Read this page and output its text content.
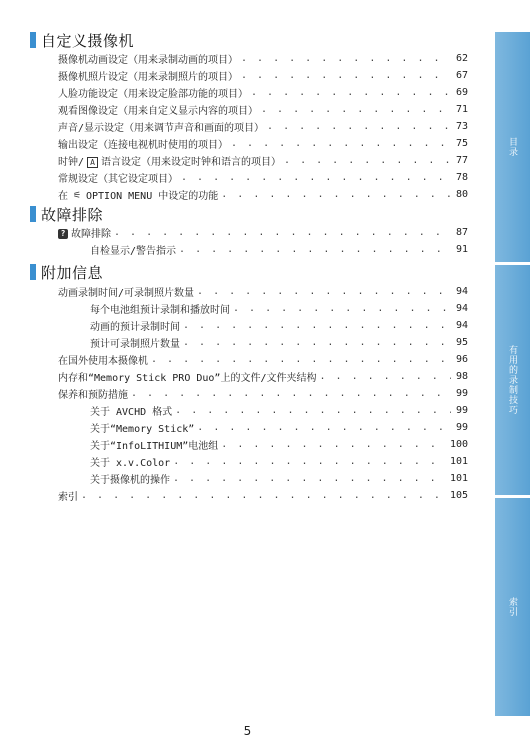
自定义摄像机
摄像机动画设定（用来录制动画的项目） . . .	62
摄像机照片设定（用来录制照片的项目） . . .	67
人脸功能设定（用来设定脸部功能的项目） . . .	69
观看图像设定（用来自定义显示内容的项目） . . .	71
声音/显示设定（用来调节声音和画面的项目） . . .	73
输出设定（连接电视机时使用的项目） . . .	75
时钟/ A 语言设定（用来设定时钟和语言的项目） . . .	77
常规设定（其它设定项目） . . .	78
在 ⚟ OPTION MENU 中设定的功能 . . .	80
故障排除
? 故障排除 . . .	87
自检显示/警告指示 . . .	91
附加信息
动画录制时间/可录制照片数量 . . .	94
每个电池组预计录制和播放时间 . . .	94
动画的预计录制时间 . . .	94
预计可录制照片数量 . . .	95
在国外使用本摄像机 . . .	96
内存和“Memory Stick PRO Duo”上的文件/文件夹结构 . . .	98
保养和预防措施 . . .	99
关于 AVCHD 格式 . . .	99
关于“Memory Stick” . . .	99
关于“InfoLITHIUM”电池组 . . .	100
关于 x.v.Color . . .	101
关于摄像机的操作 . . .	101
索引 . . .	105
目录
有用的录制技巧
索引
5
